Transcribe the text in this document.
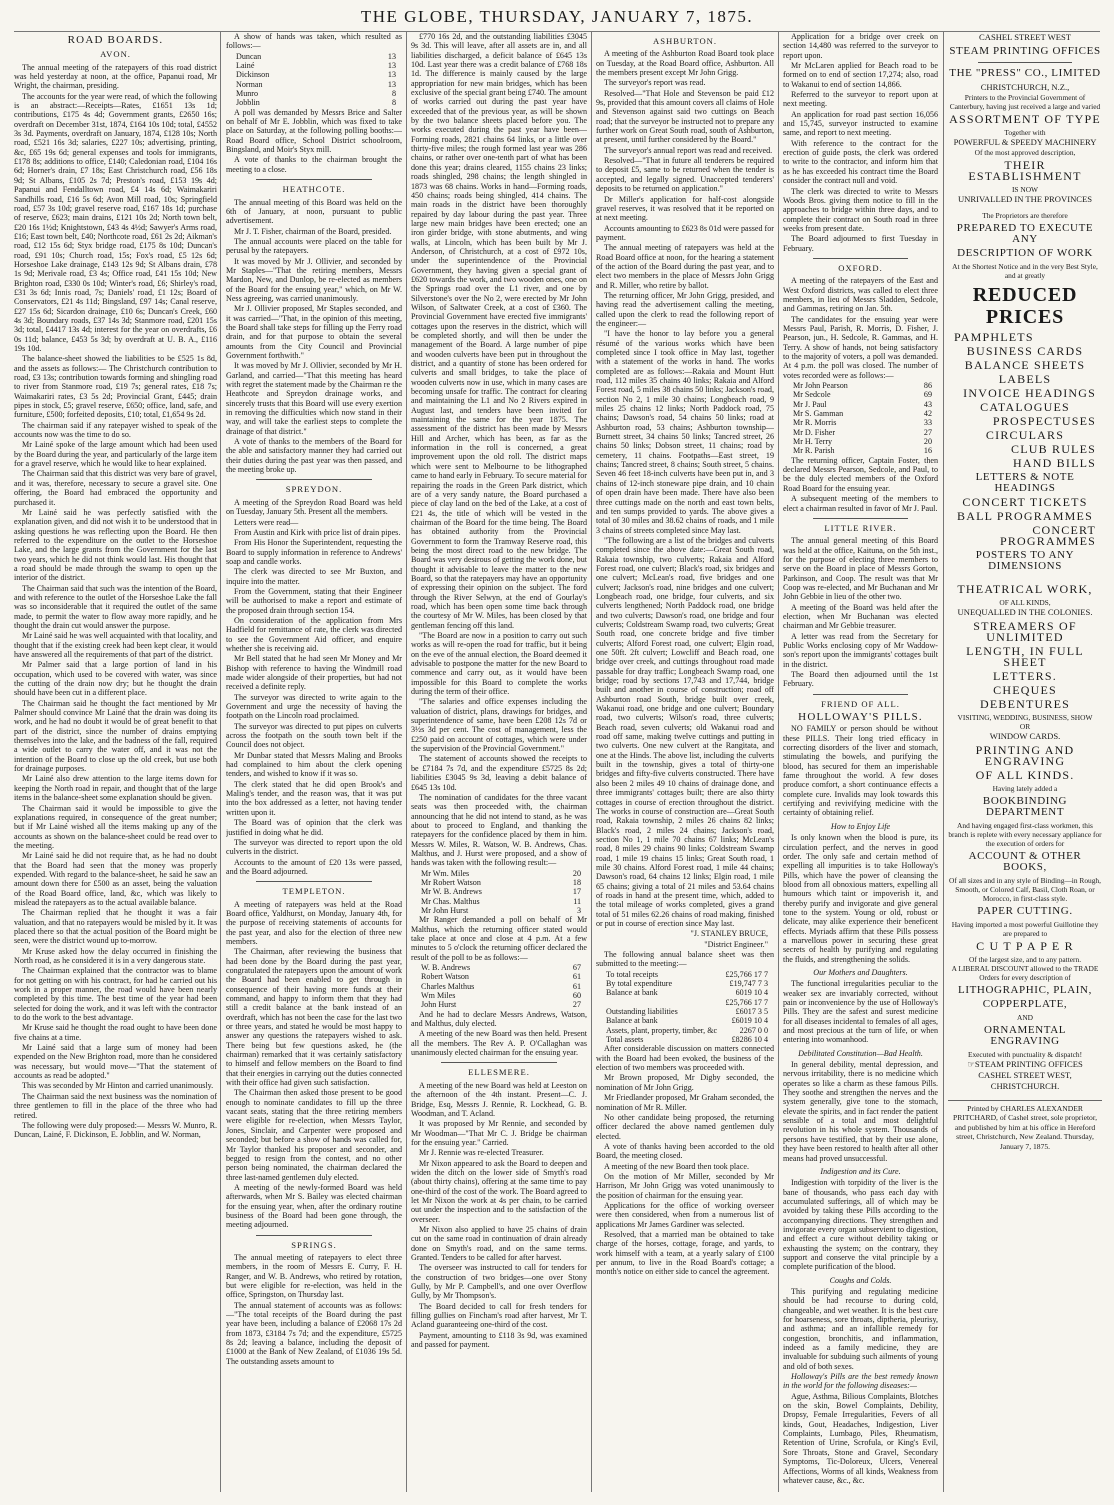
THE GLOBE, THURSDAY, JANUARY 7, 1875.
ROAD BOARDS.
AVON.

The annual meeting of the ratepayers of this road district was held yesterday at noon, at the office, Papanui road, Mr Wright, the chairman, presiding.

The accounts for the year were read, of which the following is an abstract:—Receipts—Rates, £1651 13s 1d; contributions, £175 4s 4d; Government grants, £2650 16s; overdraft on December 31st, 1874, £164 10s 10d; total, £4552 3s 3d. Payments, overdraft on January, 1874, £128 10s; North road, £521 16s 3d; salaries, £227 10s; advertising, printing, &c, £65 19s 6d; general expenses and tools for immigrants, £178 8s; additions to office, £140; Caledonian road, £104 16s 6d; Horner's drain, £7 18s; East Christchurch road, £56 18s 9d; St Albans, £105 2s 7d; Preston's road, £153 19s 4d; Papanui and Fendalltown road, £4 14s 6d; Waimakariri Sandhills road, £16 5s 6d; Avon Mill road, 10s; Springfield road, £57 3s 10d; gravel reserve road, £167 18s 1d; purchase of reserve, £623; main drains, £121 10s 2d; North town belt, £20 16s 1½d; Knightstown, £43 4s 4½d; Sawyer's Arms road, £16; East town belt, £40; Northcote road, £61 2s 2d; Aikman's road, £12 15s 6d; Styx bridge road, £175 8s 10d; Duncan's road, £91 10s; Church road, 15s; Fox's road, £5 12s 6d; Horseshoe Lake drainage, £143 12s 9d; St Albans drain, £78 1s 9d; Merivale road, £3 4s; Office road, £41 15s 10d; New Brighton road, £330 0s 10d; Winter's road, £6; Shirley's road, £31 3s 6d; Innis road, 7s; Daniels' road, £1 12s; Board of Conservators, £21 4s 11d; Bingsland, £97 14s; Canal reserve, £27 15s 6d; Sicardon drainage, £10 6s; Duncan's Creek, £60 4s 3d; Boundary roads, £37 14s 3d; Stanmore road, £201 15s 3d; total, £4417 13s 4d; interest for the year on overdrafts, £6 0s 11d; balance, £453 5s 3d; by overdraft at U. B. A., £116 19s 10d.

The balance-sheet showed the liabilities to be £525 1s 8d, and the assets as follows:— The Christchurch contribution to road, £3 13s; contribution towards forming and shingling road to river from Stanmore road, £19 7s; general rates, £18 7s; Waimakariri rates, £3 5s 2d; Provincial Grant, £445; drain pipes in stock, £5; gravel reserve, £650; office, land, safe, and furniture, £500; forfeited deposits, £10; total, £1,654 9s 2d.

The chairman said if any ratepayer wished to speak of the accounts now was the time to do so.

Mr Lainé spoke of the large amount which had been used by the Board during the year, and particularly of the large item for a gravel reserve, which he would like to hear explained.

The Chairman said that this district was very bare of gravel, and it was, therefore, necessary to secure a gravel site. One offering, the Board had embraced the opportunity and purchased it.

Mr Lainé said he was perfectly satisfied with the explanation given, and did not wish it to be understood that in asking questions he was reflecting upon the Board. He then referred to the expenditure on the outlet to the Horseshoe Lake, and the large grants from the Government for the last two years, which he did not think would last. His thought that a road should be made through the swamp to open up the interior of the district.

The Chairman said that such was the intention of the Board, and with reference to the outlet of the Horseshoe Lake the fall was so inconsiderable that it required the outlet of the same made, to permit the water to flow away more rapidly, and he thought the drain cut would answer the purpose.

Mr Lainé said he was well acquainted with that locality, and thought that if the existing creek had been kept clear, it would have answered all the requirements of that part of the district.

Mr Palmer said that a large portion of land in his occupation, which used to be covered with water, was since the cutting of the drain now dry; but he thought the drain should have been cut in a different place.

The Chairman said he thought the fact mentioned by Mr Palmer should convince Mr Lainé that the drain was doing its work, and he had no doubt it would be of great benefit to that part of the district, since the number of drains emptying themselves into the lake, and the badness of the fall, required a wide outlet to carry the water off, and it was not the intention of the Board to close up the old creek, but use both for drainage purposes.

Mr Lainé also drew attention to the large items down for keeping the North road in repair, and thought that of the large items in the balance-sheet some explanation should be given.

The Chairman said it would be impossible to give the explanations required, in consequence of the great number; but if Mr Lainé wished all the items making up any of the accounts as shown on the balance-sheet could be read over to the meeting.

Mr Lainé said he did not require that, as he had no doubt that the Board had seen that the money was properly expended. With regard to the balance-sheet, he said he saw an amount down there for £500 as an asset, being the valuation of the Road Board office, land, &c, which was likely to mislead the ratepayers as to the actual available balance.

The Chairman replied that he thought it was a fair valuation, and that no ratepayers would be misled by it. It was placed there so that the actual position of the Board might be seen, were the district wound up to-morrow.

Mr Kruse asked how the delay occurred in finishing the North road, as he considered it is in a very dangerous state.

The Chairman explained that the contractor was to blame for not getting on with his contract, for had he carried out his work in a proper manner, the road would have been nearly completed by this time. The best time of the year had been selected for doing the work, and it was left with the contractor to do the work to the best advantage.

Mr Kruse said he thought the road ought to have been done five chains at a time.

Mr Lainé said that a large sum of money had been expended on the New Brighton road, more than he considered was necessary, but would move—"That the statement of accounts as read be adopted."

This was seconded by Mr Hinton and carried unanimously.

The Chairman said the next business was the nomination of three gentlemen to fill in the place of the three who had retired.

The following were duly proposed:— Messrs W. Munro, R. Duncan, Lainé, F. Dickinson, E. Jobblin, and W. Norman,

A show of hands was taken, which resulted as follows:—

Duncan	13
Lainé	13
Dickinson	13
Norman	13
Munro	8
Jobblin	8

A poll was demanded by Messrs Brice and Salter on behalf of Mr E. Jobblin, which was fixed to take place on Saturday, at the following polling booths:—Road Board office, School District schoolroom, Bingsland, and Moir's Styx mill.

A vote of thanks to the chairman brought the meeting to a close.

HEATHCOTE.

The annual meeting of this Board was held on the 6th of January, at noon, pursuant to public advertisement.

Mr J. T. Fisher, chairman of the Board, presided.

The annual accounts were placed on the table for perusal by the ratepayers.

It was moved by Mr J. Ollivier, and seconded by Mr Staples—"That the retiring members, Messrs Mardon, New, and Dunlop, be re-elected as members of the Board for the ensuing year," which, on Mr W. Ness agreeing, was carried unanimously.

Mr J. Ollivier proposed, Mr Staples seconded, and it was carried—"That, in the opinion of this meeting, the Board shall take steps for filling up the Ferry road drain, and for that purpose to obtain the several amounts from the City Council and Provincial Government forthwith."

It was moved by Mr J. Ollivier, seconded by Mr H. Garland, and carried—"That this meeting has heard with regret the statement made by the Chairman re the Heathcote and Spreydon drainage works, and sincerely trusts that this Board will use every exertion in removing the difficulties which now stand in their way, and will take the earliest steps to complete the drainage of that district."

A vote of thanks to the members of the Board for the able and satisfactory manner they had carried out their duties during the past year was then passed, and the meeting broke up.

SPREYDON.

A meeting of the Spreydon Road Board was held on Tuesday, January 5th. Present all the members.

Letters were read—

From Austin and Kirk with price list of drain pipes.

From His Honor the Superintendent, requesting the Board to supply information in reference to Andrews' soap and candle works.

The clerk was directed to see Mr Buxton, and inquire into the matter.

From the Government, stating that their Engineer will be authorised to make a report and estimate of the proposed drain through section 154.

On consideration of the application from Mrs Hadfield for remittance of rate, the clerk was directed to see the Government Aid officer, and enquire whether she is receiving aid.

Mr Bell stated that he had seen Mr Money and Mr Bishop with reference to having the Windmill road made wider alongside of their properties, but had not received a definite reply.

The surveyor was directed to write again to the Government and urge the necessity of having the footpath on the Lincoln road proclaimed.

The surveyor was directed to put pipes on culverts across the footpath on the south town belt if the Council does not object.

Mr Dunbar stated that Messrs Maling and Brooks had complained to him about the clerk opening tenders, and wished to know if it was so.

The clerk stated that he did open Brook's and Maling's tender, and the reason was, that it was put into the box addressed as a letter, not having tender written upon it.

The Board was of opinion that the clerk was justified in doing what he did.

The surveyor was directed to report upon the old culverts in the district.

Accounts to the amount of £20 13s were passed, and the Board adjourned.

TEMPLETON.

A meeting of ratepayers was held at the Road Board office, Yaldhurst, on Monday, January 4th, for the purpose of receiving statements of accounts for the past year, and also for the election of three new members.

The Chairman, after reviewing the business that had been done by the Board during the past year, congratulated the ratepayers upon the amount of work the Board had been enabled to get through in consequence of their having more funds at their command, and happy to inform them that they had still a credit balance at the bank instead of an overdraft, which has not been the case for the last two or three years, and stated he would be most happy to answer any questions the ratepayers wished to ask. There being but few questions asked, he (the chairman) remarked that it was certainly satisfactory to himself and fellow members on the Board to find that their energies in carrying out the duties connected with their office had given such satisfaction.

The Chairman then asked those present to be good enough to nominate candidates to fill up the three vacant seats, stating that the three retiring members were eligible for re-election, when Messrs Taylor, Jones, Sinclair, and Carpenter were proposed and seconded; but before a show of hands was called for, Mr Taylor thanked his proposer and seconder, and begged to resign from the contest, and no other person being nominated, the chairman declared the three last-named gentlemen duly elected.

A meeting of the newly-formed Board was held afterwards, when Mr S. Bailey was elected chairman for the ensuing year, when, after the ordinary routine business of the Board had been gone through, the meeting adjourned.

SPRINGS.

The annual meeting of ratepayers to elect three members, in the room of Messrs E. Curry, F. H. Ranger, and W. B. Andrews, who retired by rotation, but were eligible for re-election, was held in the office, Springston, on Thursday last.

The annual statement of accounts was as follows:—"The total receipts of the Board during the past year have been, including a balance of £2068 17s 2d from 1873, £3184 7s 7d; and the expenditure, £5725 8s 2d; leaving a balance, including the deposit of £1000 at the Bank of New Zealand, of £1036 19s 5d. The outstanding assets amount to

£770 16s 2d, and the outstanding liabilities £3045 9s 3d. This will leave, after all assets are in, and all liabilities discharged, a deficit balance of £645 13s 10d. Last year there was a credit balance of £768 18s 1d. The difference is mainly caused by the large appropriation for new main bridges, which has been exclusive of the special grant being £740. The amount of works carried out during the past year have exceeded that of the previous year, as will be shown by the two balance sheets placed before you. The works executed during the past year have been—Forming roads, 2821 chains 64 links, or a little over thirty-five miles; the rough formed last year was 286 chains, or rather over one-tenth part of what has been done this year; drains cleared, 1155 chains 23 links; roads shingled, 298 chains; the length shingled in 1873 was 68 chains. Works in hand—Forming roads, 450 chains; roads being shingled, 414 chains. The main roads in the district have been thoroughly repaired by day labour during the past year. Three large new main bridges have been erected; one an iron girder bridge, with stone abutments, and wing walls, at Lincoln, which has been built by Mr J. Anderson, of Christchurch, at a cost of £972 10s, under the superintendence of the Provincial Government, they having given a special grant of £620 towards the work, and two wooden ones, one on the Springs road over the L1 river, and one by Silverstone's over the No 2, were erected by Mr John Wilson, of Saltwater Creek, at a cost of £360. The Provincial Government have erected five immigrants' cottages upon the reserves in the district, which will be completed shortly, and will then be under the management of the Board. A large number of pipe and wooden culverts have been put in throughout the district, and a quantity of stone has been ordered for culverts and small bridges, to take the place of wooden culverts now in use, which in many cases are becoming unsafe for traffic. The contract for clearing and maintaining the L1 and No 2 Rivers expired in August last, and tenders have been invited for maintaining the same for the year 1875. The assessment of the district has been made by Messrs Hill and Archer, which has been, as far as the information in the roll is concerned, a great improvement upon the old roll. The district maps which were sent to Melbourne to be lithographed came to hand early in February. To secure material for repairing the roads in the Green Park district, which are of a very sandy nature, the Board purchased a piece of clay land on the bed of the Lake, at a cost of £21 4s, the title of which will be vested in the chairman of the Board for the time being. The Board has obtained authority from the Provincial Government to form the Tramway Reserve road, this being the most direct road to the new bridge. The Board was very desirous of getting the work done, but thought it advisable to leave the matter to the new Board, so that the ratepayers may have an opportunity of expressing their opinion on the subject. The ford through the River Selwyn, at the end of Gourlay's road, which has been open some time back through the courtesy of Mr W. Miles, has been closed by that gentleman fencing off this land.

"The Board are now in a position to carry out such works as will re-open the road for traffic, but it being on the eve of the annual election, the Board deemed it advisable to postpone the matter for the new Board to commence and carry out, as it would have been impossible for this Board to complete the works during the term of their office.

"The salaries and office expenses including the valuation of district, plans, drawings for bridges, and superintendence of same, have been £208 12s 7d or 3½s 3d per cent. The cost of management, less the £250 paid on account of cottages, which were under the supervision of the Provincial Government."

The statement of accounts showed the receipts to be £7184 7s 7d, and the expenditure £5725 8s 2d; liabilities £3045 9s 3d, leaving a debit balance of £645 13s 10d.

The nomination of candidates for the three vacant seats was then proceeded with, the chairman announcing that he did not intend to stand, as he was about to proceed to England, and thanking the ratepayers for the confidence placed by them in him. Messrs W. Miles, R. Watson, W. B. Andrews, Chas. Malthus, and J. Hurst were proposed, and a show of hands was taken with the following result:—

Mr Wm. Miles	20
Mr Robert Watson	18
Mr W. B. Andrews	17
Mr Chas. Malthus	11
Mr John Hurst	3

Mr Ranger demanded a poll on behalf of Mr Malthus, which the returning officer stated would take place at once and close at 4 p.m. At a few minutes to 5 o'clock the returning officer declared the result of the poll to be as follows:—

W. B. Andrews	67
Robert Watson	61
Charles Malthus	61
Wm Miles	60
John Hurst	27

And he had to declare Messrs Andrews, Watson, and Malthus, duly elected.

A meeting of the new Board was then held. Present all the members. The Rev A. P. O'Callaghan was unanimously elected chairman for the ensuing year.

ELLESMERE.

A meeting of the new Board was held at Leeston on the afternoon of the 4th instant. Present—C. J. Bridge, Esq, Messrs J. Rennie, R. Lockhead, G. B. Woodman, and T. Acland.

It was proposed by Mr Rennie, and seconded by Mr Woodman—"That Mr C. J. Bridge be chairman for the ensuing year." Carried.

Mr J. Rennie was re-elected Treasurer.

Mr Nixon appeared to ask the Board to deepen and widen the ditch on the lower side of Smyth's road (about thirty chains), offering at the same time to pay one-third of the cost of the work. The Board agreed to let Mr Nixon the work at 4s per chain, to be carried out under the inspection and to the satisfaction of the overseer.

Mr Nixon also applied to have 25 chains of drain cut on the same road in continuation of drain already done on Smyth's road, and on the same terms. Granted. Tenders to be called for after harvest.

The overseer was instructed to call for tenders for the construction of two bridges—one over Stony Gully, by Mr P. Campbell's, and one over Overflow Gully, by Mr Thompson's.

The Board decided to call for fresh tenders for filling gullies on Fincham's road after harvest, Mr T. Acland guaranteeing one-third of the cost.

Payment, amounting to £118 3s 9d, was examined and passed for payment.

ASHBURTON.

A meeting of the Ashburton Road Board took place on Tuesday, at the Road Board office, Ashburton. All the members present except Mr John Grigg.

The surveyor's report was read.

Resolved—"That Hole and Stevenson be paid £12 9s, provided that this amount covers all claims of Hole and Stevenson against said two cuttings on Beach road; that the surveyor be instructed not to prepare any further work on Great South road, south of Ashburton, at present, until further considered by the Board."

The surveyor's annual report was read and received.

Resolved—"That in future all tenderers be required to deposit £5, same to be returned when the tender is accepted, and legally signed. Unaccepted tenderers' deposits to be returned on application."

Dr Miller's application for half-cost alongside gravel reserves, it was resolved that it be reported on at next meeting.

Accounts amounting to £623 8s 01d were passed for payment.

The annual meeting of ratepayers was held at the Road Board office at noon, for the hearing a statement of the action of the Board during the past year, and to elect two members in the place of Messrs John Grigg and R. Miller, who retire by ballot.

The returning officer, Mr John Grigg, presided, and having read the advertisement calling the meeting, called upon the clerk to read the following report of the engineer:—

"I have the honor to lay before you a general résumé of the various works which have been completed since I took office in May last, together with a statement of the works in hand. The works completed are as follows:—Rakaia and Mount Hutt road, 112 miles 35 chains 40 links; Rakaia and Alford Forest road, 5 miles 38 chains 50 links; Jackson's road, section No 2, 1 mile 30 chains; Longbeach road, 9 miles 25 chains 12 links; North Paddock road, 75 chains; Dawson's road, 54 chains 50 links; road at Ashburton road, 53 chains; Ashburton township—Burnett street, 34 chains 50 links; Tancred street, 26 chains 50 links; Dobson street, 11 chains; road by cemetery, 11 chains. Footpaths—East street, 19 chains; Tancred street, 8 chains; South street, 5 chains. Seven 46 feet 18-inch culverts have been put in, and 3 chains of 12-inch stoneware pipe drain, and 10 chain of open drain have been made. There have also been three cuttings made on the north and east town belts, and ten sumps provided to yards. The above gives a total of 30 miles and 38.62 chains of roads, and 1 mile 3 chains of streets completed since May last.

"The following are a list of the bridges and culverts completed since the above date:—Great South road, Rakaia township, two culverts; Rakaia and Alford Forest road, one culvert; Black's road, six bridges and one culvert; McLean's road, five bridges and one culvert; Jackson's road, nine bridges and one culvert; Longbeach road, one bridge, four culverts, and six culverts lengthened; North Paddock road, one bridge and two culverts; Dawson's road, one bridge and four culverts; Coldstream Swamp road, two culverts; Great South road, one concrete bridge and five timber culverts; Alford Forest road, one culvert; Elgin road, one 50ft. 2ft culvert; Lowcliff and Beach road, one bridge over creek, and cuttings throughout road made passable for dray traffic; Longbeach Swamp road, one bridge; road by sections 17,743 and 17,744, bridge built and another in course of construction; road off Ashburton road South, bridge built over creek, Wakanui road, one bridge and one culvert; Boundary road, two culverts; Wilson's road, three culverts; Beach road, seven culverts; old Wakanui road and road off same, making twelve cuttings and putting in two culverts. One new culvert at the Rangitata, and one at the Hinds. The above list, including the culverts built in the township, gives a total of thirty-one bridges and fifty-five culverts constructed. There have also been 2 miles 49 10 chains of drainage done, and three immigrants' cottages built; there are also thirty cottages in course of erection throughout the district. The works in course of construction are—Great South road, Rakaia township, 2 miles 26 chains 82 links; Black's road, 2 miles 24 chains; Jackson's road, section No 1, 1 mile 70 chains 67 links; McLean's road, 8 miles 29 chains 90 links; Coldstream Swamp road, 1 mile 19 chains 15 links; Great South road, 1 mile 30 chains. Alford Forest road, 1 mile 44 chains; Dawson's road, 64 chains 12 links; Elgin road, 1 mile 65 chains; giving a total of 21 miles and 53.64 chains of roads in hand at the present time, which, added to the total mileage of works completed, gives a grand total of 51 miles 62.26 chains of road making, finished or put in course of erection since May last.

"J. STANLEY BRUCE,

"District Engineer."

The following annual balance sheet was then submitted to the meeting:—

To total receipts	£25,766 17 7
By total expenditure	£19,747 7 3
Balance at bank	6019 10 4
£25,766 17 7
Outstanding liabilities	£6017 3 5
Balance at bank	£6019 10 4
Assets, plant, property, timber, &c	2267 0 0
Total assets	£8286 10 4

After considerable discussion on matters connected with the Board had been evoked, the business of the election of two members was proceeded with.

Mr Brown proposed, Mr Digby seconded, the nomination of Mr John Grigg.

Mr Friedlander proposed, Mr Graham seconded, the nomination of Mr R. Miller.

No other candidate being proposed, the returning officer declared the above named gentlemen duly elected.

A vote of thanks having been accorded to the old Board, the meeting closed.

A meeting of the new Board then took place.

On the motion of Mr Miller, seconded by Mr Harrison, Mr John Grigg was voted unanimously to the position of chairman for the ensuing year.

Applications for the office of working overseer were then considered, when from a numerous list of applications Mr James Gardiner was selected.

Resolved, that a married man be obtained to take charge of the horses, cottage, forage, and yards, to work himself with a team, at a yearly salary of £100 per annum, to live in the Road Board's cottage; a month's notice on either side to cancel the agreement.

Application for a bridge over creek on section 14,480 was referred to the surveyor to report upon.

Mr McLaren applied for Beach road to be formed on to end of section 17,274; also, road to Wakanui to end of section 14,866.

Referred to the surveyor to report upon at next meeting.

An application for road past section 16,056 and 15,745, surveyor instructed to examine same, and report to next meeting.

With reference to the contract for the erection of guide posts, the clerk was ordered to write to the contractor, and inform him that as he has exceeded his contract time the Board consider the contract null and void.

The clerk was directed to write to Messrs Woods Bros. giving them notice to fill in the approaches to bridge within three days, and to complete their contract on South road in three weeks from present date.

The Board adjourned to first Tuesday in February.

OXFORD.

A meeting of the ratepayers of the East and West Oxford districts, was called to elect three members, in lieu of Messrs Sladden, Sedcole, and Gammas, retiring on Jan. 5th.

The candidates for the ensuing year were Messrs Paul, Parish, R. Morris, D. Fisher, J. Pearson, jun., H. Sedcole, R. Gammas, and H. Terry. A show of hands, not being satisfactory to the majority of voters, a poll was demanded. At 4 p.m. the poll was closed. The number of votes recorded were as follows:—

Mr John Pearson	86
Mr Sedcole	69
Mr J. Paul	43
Mr S. Gamman	42
Mr R. Morris	33
Mr D. Fisher	27
Mr H. Terry	20
Mr R. Parish	16

The returning officer, Captain Foster, then declared Messrs Pearson, Sedcole, and Paul, to be the duly elected members of the Oxford Road Board for the ensuing year.

A subsequent meeting of the members to elect a chairman resulted in favor of Mr J. Paul.

LITTLE RIVER.

The annual general meeting of this Board was held at the office, Kaituna, on the 5th inst., for the purpose of electing three members to serve on the Board in place of Messrs Gorton, Parkinson, and Coop. The result was that Mr Coop was re-elected, and Mr Buchanan and Mr John Gebbie in lieu of the other two.

A meeting of the Board was held after the election, when Mr Buchanan was elected chairman and Mr Gebbie treasurer.

A letter was read from the Secretary for Public Works enclosing copy of Mr Waddow-son's report upon the immigrants' cottages built in the district.

The Board then adjourned until the 1st February.

FRIEND OF ALL.
HOLLOWAY'S PILLS.

NO FAMILY or person should be without these PILLS. Their long tried efficacy in correcting disorders of the liver and stomach, stimulating the bowels, and purifying the blood, has secured for them an imperishable fame throughout the world. A few doses produce comfort, a short continuance effects a complete cure. Invalids may look towards this certifying and revivifying medicine with the certainty of obtaining relief.

How to Enjoy Life

Is only known when the blood is pure, its circulation perfect, and the nerves in good order. The only safe and certain method of expelling all impurities is to take Holloway's Pills, which have the power of cleansing the blood from all obnoxious matters, expelling all humours which taint or impoverish it, and thereby purify and invigorate and give general tone to the system. Young or old, robust or delicate, may alike experience their beneficent effects. Myriads affirm that these Pills possess a marvellous power in securing these great secrets of health by purifying and regulating the fluids, and strengthening the solids.

Our Mothers and Daughters.

The functional irregularities peculiar to the weaker sex are invariably corrected, without pain or inconvenience by the use of Holloway's Pills. They are the safest and surest medicine for all diseases incidental to females of all ages, and most precious at the turn of life, or when entering into womanhood.

Debilitated Constitution—Bad Health.

In general debility, mental depression, and nervous irritability, there is no medicine which operates so like a charm as these famous Pills. They soothe and strengthen the nerves and the system generally, give tone to the stomach, elevate the spirits, and in fact render the patient sensible of a total and most delightful revolution in his whole system. Thousands of persons have testified, that by their use alone, they have been restored to health after all other means had proved unsuccessful.

Indigestion and its Cure.

Indigestion with torpidity of the liver is the bane of thousands, who pass each day with accumulated sufferings, all of which may be avoided by taking these Pills according to the accompanying directions. They strengthen and invigorate every organ subservient to digestion, and effect a cure without debility taking or exhausting the system; on the contrary, they support and conserve the vital principle by a complete purification of the blood.

Coughs and Colds.

This purifying and regulating medicine should be had recourse to during cold, changeable, and wet weather. It is the best cure for hoarseness, sore throats, diptheria, pleurisy, and asthma; and an infallible remedy for congestion, bronchitis, and inflammation, indeed as a family medicine, they are invaluable for subduing such ailments of young and old of both sexes.

Holloway's Pills are the best remedy known in the world for the following diseases:—

Ague, Asthma, Bilious Complaints, Blotches on the skin, Bowel Complaints, Debility, Dropsy, Female Irregularities, Fevers of all kinds, Gout, Headaches, Indigestion, Liver Complaints, Lumbago, Piles, Rheumatism, Retention of Urine, Scrofula, or King's Evil, Sore Throats, Stone and Gravel, Secondary Symptoms, Tic-Doloreux, Ulcers, Venereal Affections, Worms of all kinds, Weakness from whatever cause, &c., &c.

CASHEL STREET WEST
STEAM PRINTING OFFICES
THE "PRESS" CO., LIMITED
CHRISTCHURCH, N.Z.,
Printers to the Provincial Government of Canterbury, having just received a large and varied
ASSORTMENT OF TYPE
Together with
POWERFUL & SPEEDY MACHINERY
Of the most approved description,
THEIR ESTABLISHMENT
IS NOW
UNRIVALLED IN THE PROVINCES
The Proprietors are therefore
PREPARED TO EXECUTE ANY
DESCRIPTION OF WORK
At the Shortest Notice and in the very Best Style, and at greatly
REDUCED PRICES
PAMPHLETS
BUSINESS CARDS
BALANCE SHEETS
LABELS
INVOICE HEADINGS
CATALOGUES
PROSPECTUSES
CIRCULARS
CLUB RULES
HAND BILLS
LETTERS & NOTE HEADINGS
CONCERT TICKETS
BALL PROGRAMMES
CONCERT PROGRAMMES
POSTERS TO ANY DIMENSIONS
THEATRICAL WORK,
OF ALL KINDS,
UNEQUALLED IN THE COLONIES.
STREAMERS OF UNLIMITED
LENGTH, IN FULL SHEET
LETTERS.
CHEQUES
DEBENTURES
VISITING, WEDDING, BUSINESS, SHOW
OR
WINDOW CARDS.
PRINTING AND ENGRAVING
OF ALL KINDS.
Having lately added a
BOOKBINDING DEPARTMENT
And having engaged first-class workmen, this branch is replete with every necessary appliance for the execution of orders for
ACCOUNT & OTHER BOOKS,
Of all sizes and in any style of Binding—in Rough, Smooth, or Colored Calf, Basil, Cloth Roan, or Morocco, in first-class style.
PAPER CUTTING.
Having imported a most powerful Guillotine they are prepared to
C U T P A P E R
Of the largest size, and to any pattern.
A LIBERAL DISCOUNT allowed to the TRADE
Orders for every description of
LITHOGRAPHIC, PLAIN,
COPPERPLATE,
AND
ORNAMENTAL ENGRAVING
Executed with punctuality & dispatch!
☞STEAM PRINTING OFFICES
CASHEL STREET WEST,
CHRISTCHURCH.
Printed by CHARLES ALEXANDER PRITCHARD, of Cashel street, sole proprietor, and published by him at his office in Hereford street, Christchurch, New Zealand. Thursday, January 7, 1875.
